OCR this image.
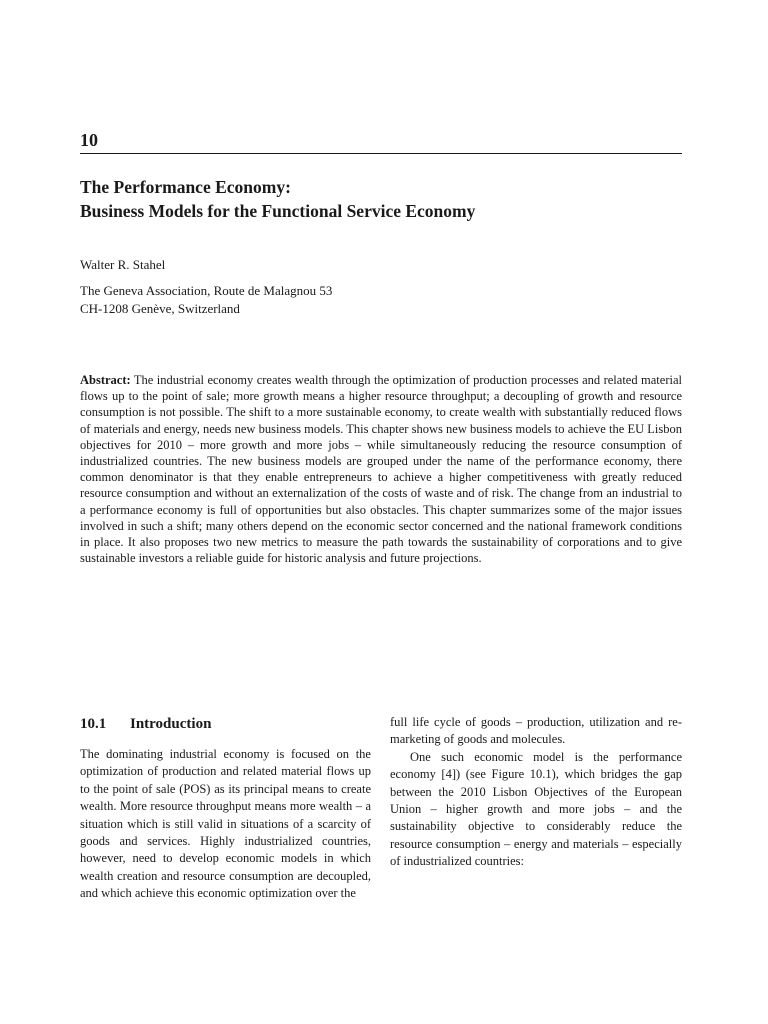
10
The Performance Economy:
Business Models for the Functional Service Economy
Walter R. Stahel
The Geneva Association, Route de Malagnou 53
CH-1208 Genève, Switzerland

Abstract: The industrial economy creates wealth through the optimization of production processes and related material flows up to the point of sale; more growth means a higher resource throughput; a decoupling of growth and resource consumption is not possible. The shift to a more sustainable economy, to create wealth with substantially reduced flows of materials and energy, needs new business models. This chapter shows new business models to achieve the EU Lisbon objectives for 2010 – more growth and more jobs – while simultaneously reducing the resource consumption of industrialized countries. The new business models are grouped under the name of the performance economy, there common denominator is that they enable entrepreneurs to achieve a higher competitiveness with greatly reduced resource consumption and without an externalization of the costs of waste and of risk. The change from an industrial to a performance economy is full of opportunities but also obstacles. This chapter summarizes some of the major issues involved in such a shift; many others depend on the economic sector concerned and the national framework conditions in place. It also proposes two new metrics to measure the path towards the sustainability of corporations and to give sustainable investors a reliable guide for historic analysis and future projections.

10.1 Introduction

The dominating industrial economy is focused on the optimization of production and related material flows up to the point of sale (POS) as its principal means to create wealth. More resource throughput means more wealth – a situation which is still valid in situations of a scarcity of goods and services. Highly industrialized countries, however, need to develop economic models in which wealth creation and resource consumption are decoupled, and which achieve this economic optimization over the

full life cycle of goods – production, utilization and re-marketing of goods and molecules.

One such economic model is the performance economy [4]) (see Figure 10.1), which bridges the gap between the 2010 Lisbon Objectives of the European Union – higher growth and more jobs – and the sustainability objective to considerably reduce the resource consumption – energy and materials – especially of industrialized countries:
